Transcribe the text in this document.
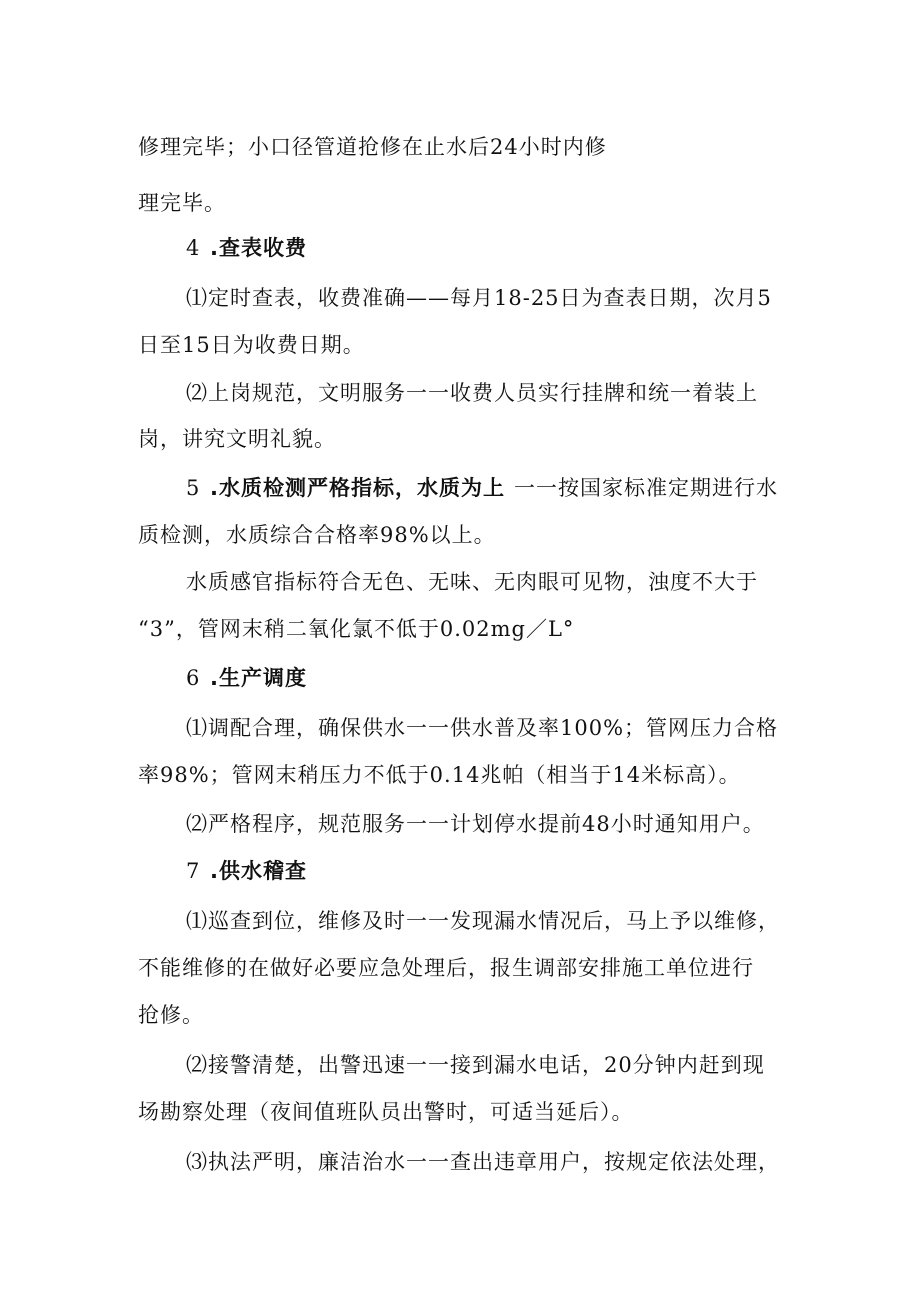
修理完毕；小口径管道抢修在止水后24小时内修
理完毕。
4 .查表收费
⑴定时查表，收费准确——每月18-25日为查表日期，次月5
日至15日为收费日期。
⑵上岗规范，文明服务一一收费人员实行挂牌和统一着装上
岗，讲究文明礼貌。
5 .水质检测严格指标，水质为上 一一按国家标准定期进行水
质检测，水质综合合格率98%以上。
水质感官指标符合无色、无味、无肉眼可见物，浊度不大于
“3”，管网末稍二氧化氯不低于0.02mg／L°
6 .生产调度
⑴调配合理，确保供水一一供水普及率100%；管网压力合格
率98%；管网末稍压力不低于0.14兆帕（相当于14米标高）。
⑵严格程序，规范服务一一计划停水提前48小时通知用户。
7 .供水稽查
⑴巡查到位，维修及时一一发现漏水情况后，马上予以维修，
不能维修的在做好必要应急处理后，报生调部安排施工单位进行
抢修。
⑵接警清楚，出警迅速一一接到漏水电话，20分钟内赶到现
场勘察处理（夜间值班队员出警时，可适当延后）。
⑶执法严明，廉洁治水一一查出违章用户，按规定依法处理，
